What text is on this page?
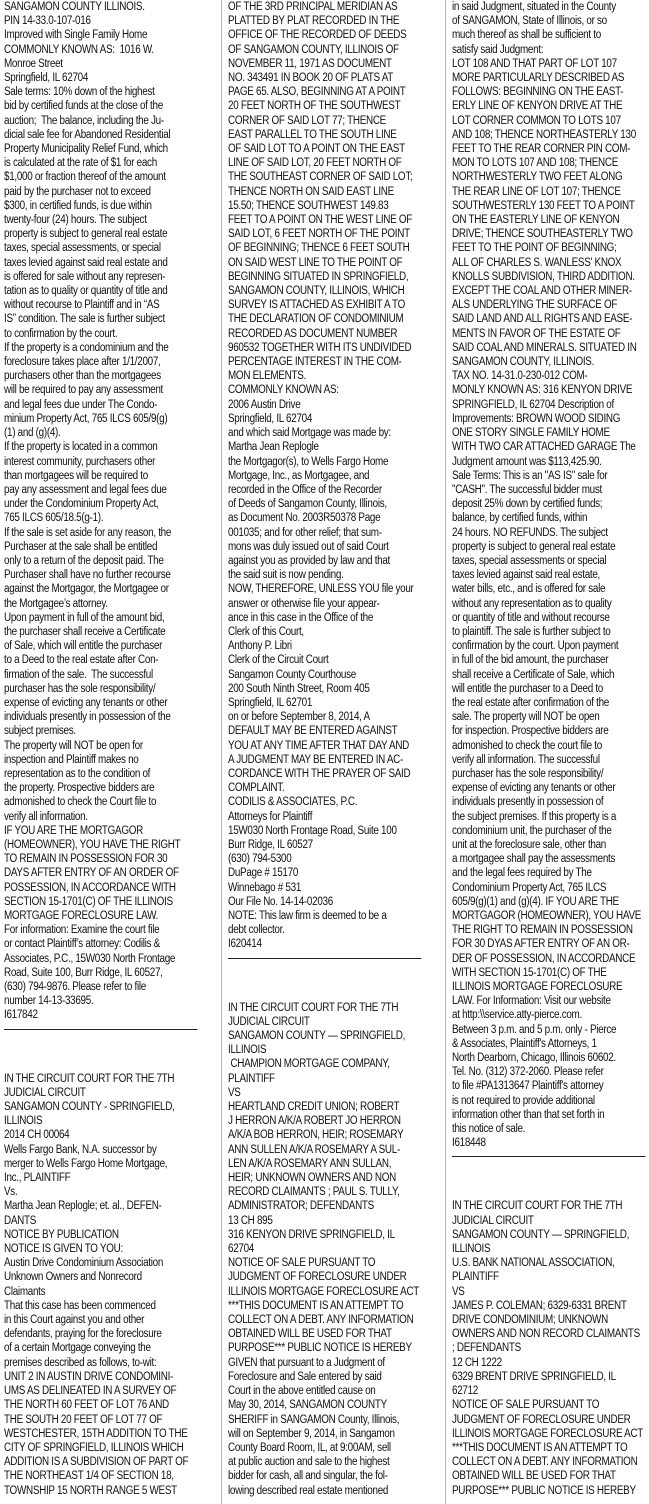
SANGAMON COUNTY ILLINOIS.
PIN 14-33.0-107-016
Improved with Single Family Home
COMMONLY KNOWN AS:  1016 W.
Monroe Street
Springfield, IL 62704
Sale terms: 10% down of the highest
bid by certified funds at the close of the
auction;  The balance, including the Ju-
dicial sale fee for Abandoned Residential
Property Municipality Relief Fund, which
is calculated at the rate of $1 for each
$1,000 or fraction thereof of the amount
paid by the purchaser not to exceed
$300, in certified funds, is due within
twenty-four (24) hours. The subject
property is subject to general real estate
taxes, special assessments, or special
taxes levied against said real estate and
is offered for sale without any represen-
tation as to quality or quantity of title and
without recourse to Plaintiff and in “AS
IS” condition. The sale is further subject
to confirmation by the court.
If the property is a condominium and the
foreclosure takes place after 1/1/2007,
purchasers other than the mortgagees
will be required to pay any assessment
and legal fees due under The Condo-
minium Property Act, 765 ILCS 605/9(g)
(1) and (g)(4).
If the property is located in a common
interest community, purchasers other
than mortgagees will be required to
pay any assessment and legal fees due
under the Condominium Property Act,
765 ILCS 605/18.5(g-1).
If the sale is set aside for any reason, the
Purchaser at the sale shall be entitled
only to a return of the deposit paid. The
Purchaser shall have no further recourse
against the Mortgagor, the Mortgagee or
the Mortgagee’s attorney.
Upon payment in full of the amount bid,
the purchaser shall receive a Certificate
of Sale, which will entitle the purchaser
to a Deed to the real estate after Con-
firmation of the sale.  The successful
purchaser has the sole responsibility/
expense of evicting any tenants or other
individuals presently in possession of the
subject premises.
The property will NOT be open for
inspection and Plaintiff makes no
representation as to the condition of
the property. Prospective bidders are
admonished to check the Court file to
verify all information.
IF YOU ARE THE MORTGAGOR
(HOMEOWNER), YOU HAVE THE RIGHT
TO REMAIN IN POSSESSION FOR 30
DAYS AFTER ENTRY OF AN ORDER OF
POSSESSION, IN ACCORDANCE WITH
SECTION 15-1701(C) OF THE ILLINOIS
MORTGAGE FORECLOSURE LAW.
For information: Examine the court file
or contact Plaintiff’s attorney: Codilis &
Associates, P.C., 15W030 North Frontage
Road, Suite 100, Burr Ridge, IL 60527,
(630) 794-9876. Please refer to file
number 14-13-33695.
I617842
IN THE CIRCUIT COURT FOR THE 7TH
JUDICIAL CIRCUIT
SANGAMON COUNTY - SPRINGFIELD,
ILLINOIS
2014 CH 00064
Wells Fargo Bank, N.A. successor by
merger to Wells Fargo Home Mortgage,
Inc., PLAINTIFF
Vs.
Martha Jean Replogle; et. al., DEFEN-
DANTS
NOTICE BY PUBLICATION
NOTICE IS GIVEN TO YOU:
Austin Drive Condominium Association
Unknown Owners and Nonrecord
Claimants
That this case has been commenced
in this Court against you and other
defendants, praying for the foreclosure
of a certain Mortgage conveying the
premises described as follows, to-wit:
UNIT 2 IN AUSTIN DRIVE CONDOMINI-
UMS AS DELINEATED IN A SURVEY OF
THE NORTH 60 FEET OF LOT 76 AND
THE SOUTH 20 FEET OF LOT 77 OF
WESTCHESTER, 15TH ADDITION TO THE
CITY OF SPRINGFIELD, ILLINOIS WHICH
ADDITION IS A SUBDIVISION OF PART OF
THE NORTHEAST 1/4 OF SECTION 18,
TOWNSHIP 15 NORTH RANGE 5 WEST
OF THE 3RD PRINCIPAL MERIDIAN AS
PLATTED BY PLAT RECORDED IN THE
OFFICE OF THE RECORDED OF DEEDS
OF SANGAMON COUNTY, ILLINOIS OF
NOVEMBER 11, 1971 AS DOCUMENT
NO. 343491 IN BOOK 20 OF PLATS AT
PAGE 65. ALSO, BEGINNING AT A POINT
20 FEET NORTH OF THE SOUTHWEST
CORNER OF SAID LOT 77; THENCE
EAST PARALLEL TO THE SOUTH LINE
OF SAID LOT TO A POINT ON THE EAST
LINE OF SAID LOT, 20 FEET NORTH OF
THE SOUTHEAST CORNER OF SAID LOT;
THENCE NORTH ON SAID EAST LINE
15.50; THENCE SOUTHWEST 149.83
FEET TO A POINT ON THE WEST LINE OF
SAID LOT, 6 FEET NORTH OF THE POINT
OF BEGINNING; THENCE 6 FEET SOUTH
ON SAID WEST LINE TO THE POINT OF
BEGINNING SITUATED IN SPRINGFIELD,
SANGAMON COUNTY, ILLINOIS, WHICH
SURVEY IS ATTACHED AS EXHIBIT A TO
THE DECLARATION OF CONDOMINIUM
RECORDED AS DOCUMENT NUMBER
960532 TOGETHER WITH ITS UNDIVIDED
PERCENTAGE INTEREST IN THE COM-
MON ELEMENTS.
COMMONLY KNOWN AS:
2006 Austin Drive
Springfield, IL 62704
and which said Mortgage was made by:
Martha Jean Replogle
the Mortgagor(s), to Wells Fargo Home
Mortgage, Inc., as Mortgagee, and
recorded in the Office of the Recorder
of Deeds of Sangamon County, Illinois,
as Document No. 2003R50378 Page
001035; and for other relief; that sum-
mons was duly issued out of said Court
against you as provided by law and that
the said suit is now pending.
NOW, THEREFORE, UNLESS YOU file your
answer or otherwise file your appear-
ance in this case in the Office of the
Clerk of this Court,
Anthony P. Libri
Clerk of the Circuit Court
Sangamon County Courthouse
200 South Ninth Street, Room 405
Springfield, IL 62701
on or before September 8, 2014, A
DEFAULT MAY BE ENTERED AGAINST
YOU AT ANY TIME AFTER THAT DAY AND
A JUDGMENT MAY BE ENTERED IN AC-
CORDANCE WITH THE PRAYER OF SAID
COMPLAINT.
CODILIS & ASSOCIATES, P.C.
Attorneys for Plaintiff
15W030 North Frontage Road, Suite 100
Burr Ridge, IL 60527
(630) 794-5300
DuPage # 15170
Winnebago # 531
Our File No. 14-14-02036
NOTE: This law firm is deemed to be a
debt collector.
I620414
IN THE CIRCUIT COURT FOR THE 7TH
JUDICIAL CIRCUIT
SANGAMON COUNTY — SPRINGFIELD,
ILLINOIS
CHAMPION MORTGAGE COMPANY,
PLAINTIFF
VS
HEARTLAND CREDIT UNION; ROBERT
J HERRON A/K/A ROBERT JO HERRON
A/K/A BOB HERRON, HEIR; ROSEMARY
ANN SULLEN A/K/A ROSEMARY A SUL-
LEN A/K/A ROSEMARY ANN SULLAN,
HEIR; UNKNOWN OWNERS AND NON
RECORD CLAIMANTS ; PAUL S. TULLY,
ADMINISTRATOR; DEFENDANTS
13 CH 895
316 KENYON DRIVE SPRINGFIELD, IL
62704
NOTICE OF SALE PURSUANT TO
JUDGMENT OF FORECLOSURE UNDER
ILLINOIS MORTGAGE FORECLOSURE ACT
***THIS DOCUMENT IS AN ATTEMPT TO
COLLECT ON A DEBT. ANY INFORMATION
OBTAINED WILL BE USED FOR THAT
PURPOSE*** PUBLIC NOTICE IS HEREBY
GIVEN that pursuant to a Judgment of
Foreclosure and Sale entered by said
Court in the above entitled cause on
May 30, 2014, SANGAMON COUNTY
SHERIFF in SANGAMON County, Illinois,
will on September 9, 2014, in Sangamon
County Board Room, IL, at 9:00AM, sell
at public auction and sale to the highest
bidder for cash, all and singular, the fol-
lowing described real estate mentioned
in said Judgment, situated in the County
of SANGAMON, State of Illinois, or so
much thereof as shall be sufficient to
satisfy said Judgment:
LOT 108 AND THAT PART OF LOT 107
MORE PARTICULARLY DESCRIBED AS
FOLLOWS: BEGINNING ON THE EAST-
ERLY LINE OF KENYON DRIVE AT THE
LOT CORNER COMMON TO LOTS 107
AND 108; THENCE NORTHEASTERLY 130
FEET TO THE REAR CORNER PIN COM-
MON TO LOTS 107 AND 108; THENCE
NORTHWESTERLY TWO FEET ALONG
THE REAR LINE OF LOT 107; THENCE
SOUTHWESTERLY 130 FEET TO A POINT
ON THE EASTERLY LINE OF KENYON
DRIVE; THENCE SOUTHEASTERLY TWO
FEET TO THE POINT OF BEGINNING;
ALL OF CHARLES S. WANLESS' KNOX
KNOLLS SUBDIVISION, THIRD ADDITION.
EXCEPT THE COAL AND OTHER MINER-
ALS UNDERLYING THE SURFACE OF
SAID LAND AND ALL RIGHTS AND EASE-
MENTS IN FAVOR OF THE ESTATE OF
SAID COAL AND MINERALS. SITUATED IN
SANGAMON COUNTY, ILLINOIS.
TAX NO. 14-31.0-230-012 COM-
MONLY KNOWN AS: 316 KENYON DRIVE
SPRINGFIELD, IL 62704 Description of
Improvements: BROWN WOOD SIDING
ONE STORY SINGLE FAMILY HOME
WITH TWO CAR ATTACHED GARAGE The
Judgment amount was $113,425.90.
Sale Terms: This is an "AS IS" sale for
"CASH". The successful bidder must
deposit 25% down by certified funds;
balance, by certified funds, within
24 hours. NO REFUNDS. The subject
property is subject to general real estate
taxes, special assessments or special
taxes levied against said real estate,
water bills, etc., and is offered for sale
without any representation as to quality
or quantity of title and without recourse
to plaintiff. The sale is further subject to
confirmation by the court. Upon payment
in full of the bid amount, the purchaser
shall receive a Certificate of Sale, which
will entitle the purchaser to a Deed to
the real estate after confirmation of the
sale. The property will NOT be open
for inspection. Prospective bidders are
admonished to check the court file to
verify all information. The successful
purchaser has the sole responsibility/
expense of evicting any tenants or other
individuals presently in possession of
the subject premises. If this property is a
condominium unit, the purchaser of the
unit at the foreclosure sale, other than
a mortgagee shall pay the assessments
and the legal fees required by The
Condominium Property Act, 765 ILCS
605/9(g)(1) and (g)(4). IF YOU ARE THE
MORTGAGOR (HOMEOWNER), YOU HAVE
THE RIGHT TO REMAIN IN POSSESSION
FOR 30 DYAS AFTER ENTRY OF AN OR-
DER OF POSSESSION, IN ACCORDANCE
WITH SECTION 15-1701(C) OF THE
ILLINOIS MORTGAGE FORECLOSURE
LAW. For Information: Visit our website
at http:\\service.atty-pierce.com.
Between 3 p.m. and 5 p.m. only - Pierce
& Associates, Plaintiff's Attorneys, 1
North Dearborn, Chicago, Illinois 60602.
Tel. No. (312) 372-2060. Please refer
to file #PA1313647 Plaintiff's attorney
is not required to provide additional
information other than that set forth in
this notice of sale.
I618448
IN THE CIRCUIT COURT FOR THE 7TH
JUDICIAL CIRCUIT
SANGAMON COUNTY — SPRINGFIELD,
ILLINOIS
U.S. BANK NATIONAL ASSOCIATION,
PLAINTIFF
VS
JAMES P. COLEMAN; 6329-6331 BRENT
DRIVE CONDOMINIUM; UNKNOWN
OWNERS AND NON RECORD CLAIMANTS
; DEFENDANTS
12 CH 1222
6329 BRENT DRIVE SPRINGFIELD, IL
62712
NOTICE OF SALE PURSUANT TO
JUDGMENT OF FORECLOSURE UNDER
ILLINOIS MORTGAGE FORECLOSURE ACT
***THIS DOCUMENT IS AN ATTEMPT TO
COLLECT ON A DEBT. ANY INFORMATION
OBTAINED WILL BE USED FOR THAT
PURPOSE*** PUBLIC NOTICE IS HEREBY
